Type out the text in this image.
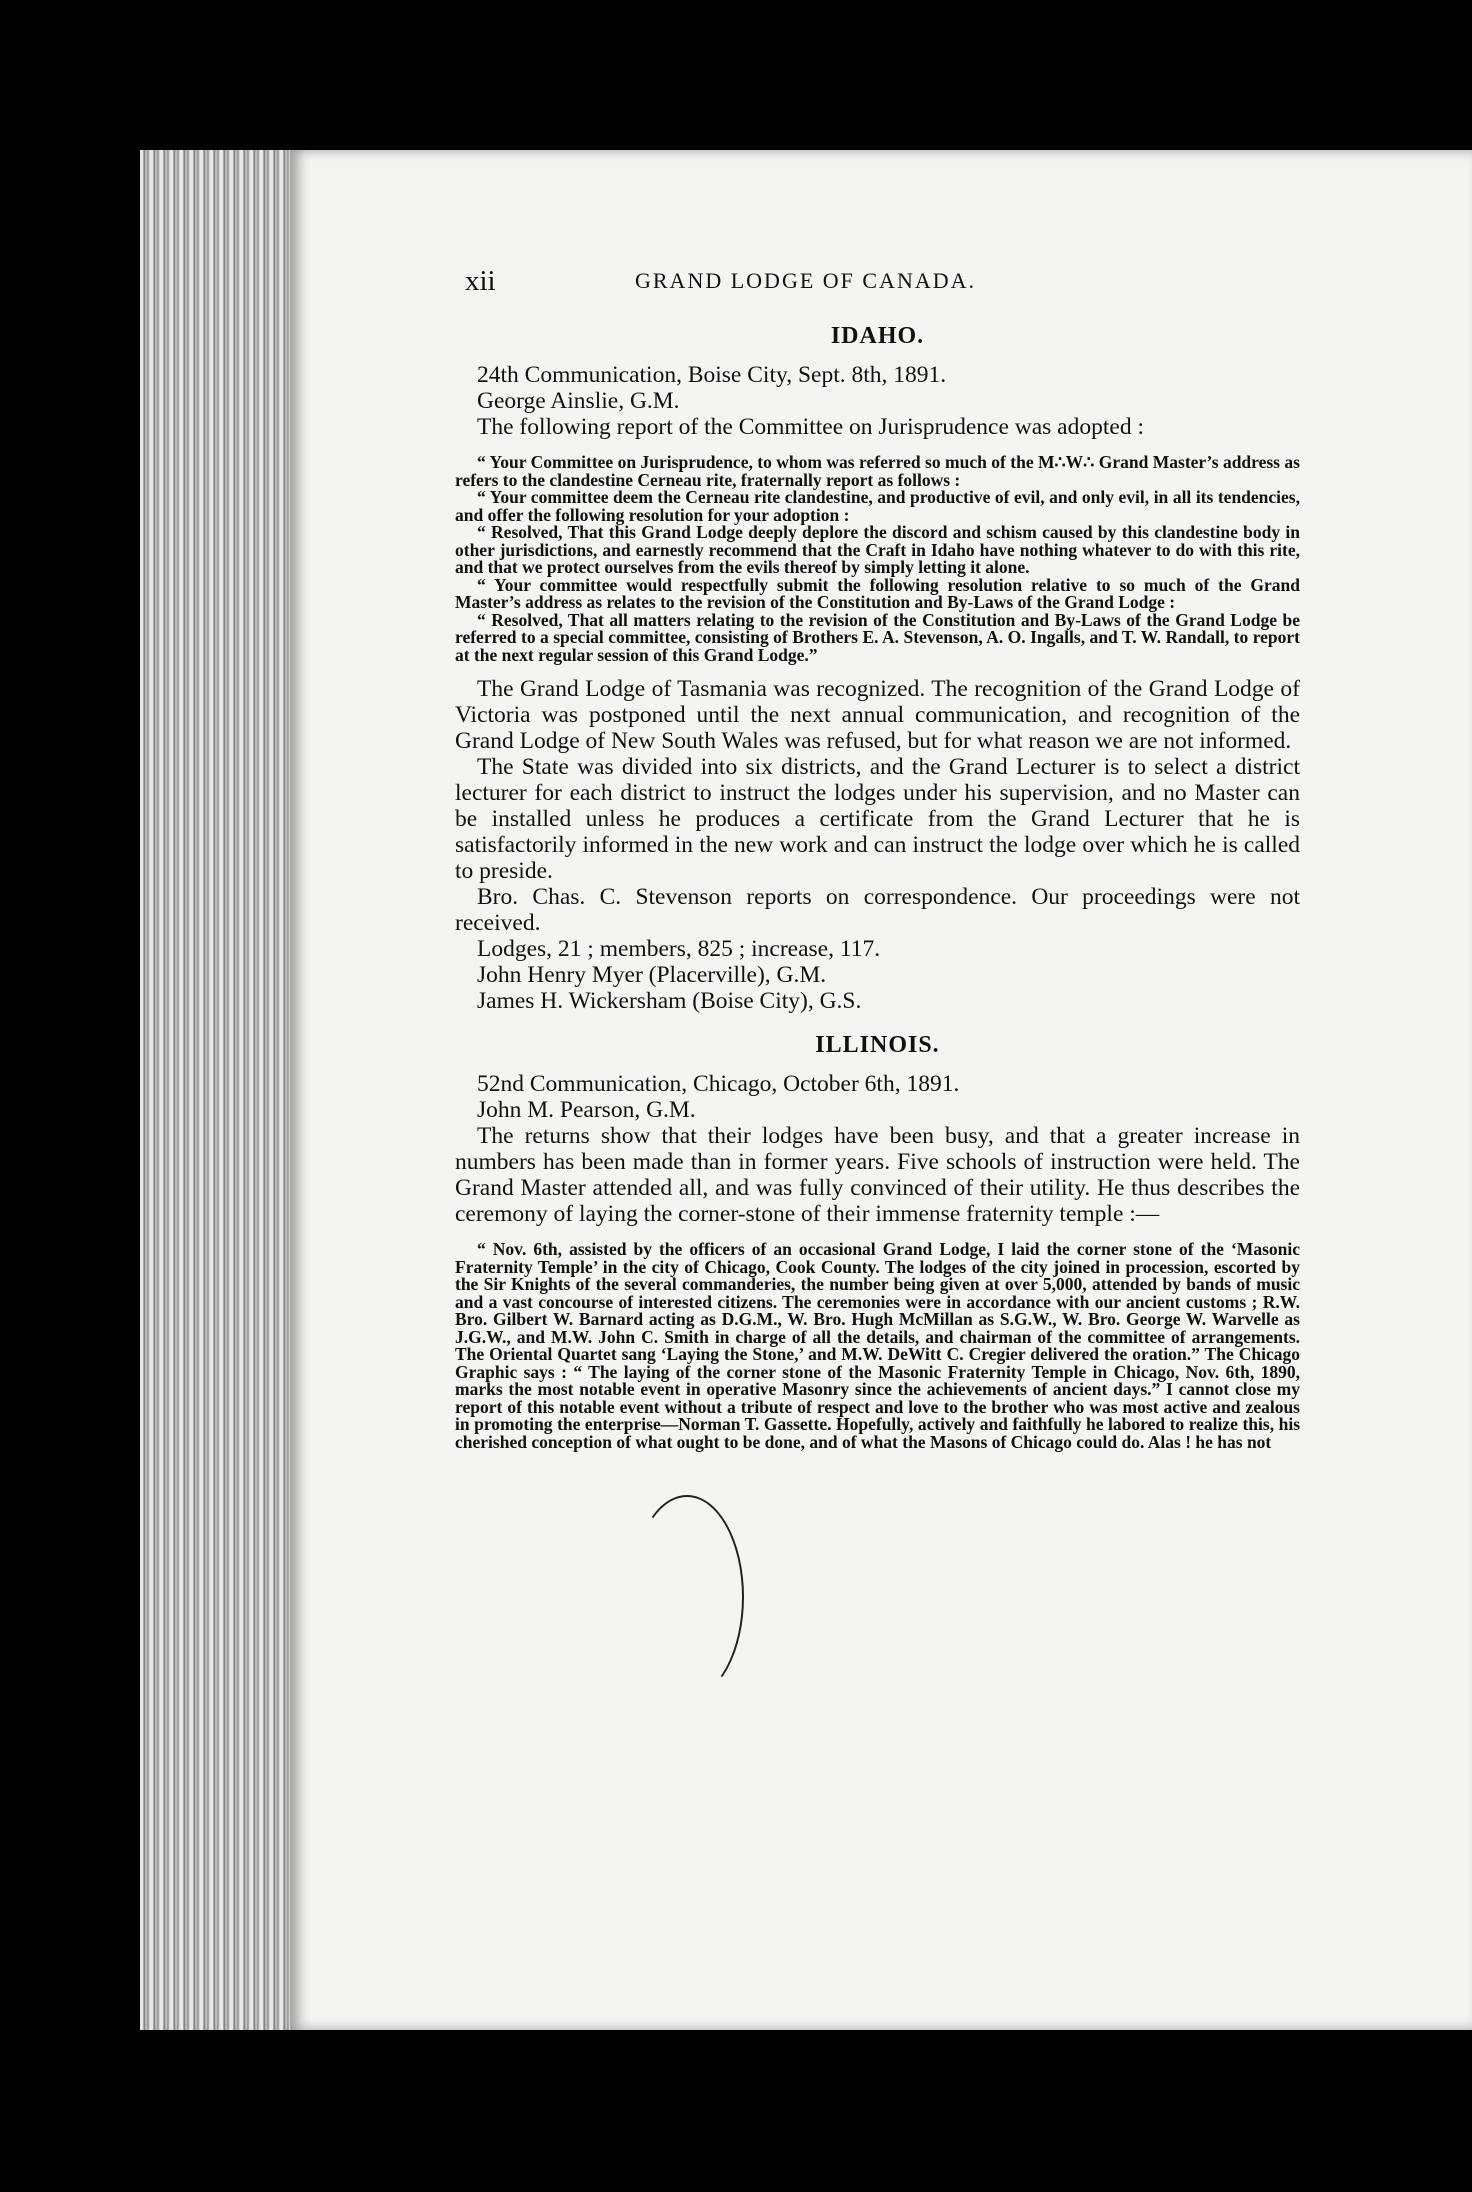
xii	GRAND LODGE OF CANADA.
IDAHO.
24th Communication, Boise City, Sept. 8th, 1891.
George Ainslie, G.M.

The following report of the Committee on Jurisprudence was adopted :

“ Your Committee on Jurisprudence, to whom was referred so much of the M∴W∴ Grand Master’s address as refers to the clandestine Cerneau rite, fraternally report as follows :

“ Your committee deem the Cerneau rite clandestine, and productive of evil, and only evil, in all its tendencies, and offer the following resolution for your adoption :

“ Resolved, That this Grand Lodge deeply deplore the discord and schism caused by this clandestine body in other jurisdictions, and earnestly recommend that the Craft in Idaho have nothing whatever to do with this rite, and that we protect ourselves from the evils thereof by simply letting it alone.

“ Your committee would respectfully submit the following resolution relative to so much of the Grand Master’s address as relates to the revision of the Constitution and By-Laws of the Grand Lodge :

“ Resolved, That all matters relating to the revision of the Constitution and By-Laws of the Grand Lodge be referred to a special committee, consisting of Brothers E. A. Stevenson, A. O. Ingalls, and T. W. Randall, to report at the next regular session of this Grand Lodge.”

The Grand Lodge of Tasmania was recognized. The recognition of the Grand Lodge of Victoria was postponed until the next annual communication, and recognition of the Grand Lodge of New South Wales was refused, but for what reason we are not informed.

The State was divided into six districts, and the Grand Lecturer is to select a district lecturer for each district to instruct the lodges under his supervision, and no Master can be installed unless he produces a certificate from the Grand Lecturer that he is satisfactorily informed in the new work and can instruct the lodge over which he is called to preside.

Bro. Chas. C. Stevenson reports on correspondence. Our proceedings were not received.

Lodges, 21 ; members, 825 ; increase, 117.
John Henry Myer (Placerville), G.M.
James H. Wickersham (Boise City), G.S.
ILLINOIS.
52nd Communication, Chicago, October 6th, 1891.
John M. Pearson, G.M.

The returns show that their lodges have been busy, and that a greater increase in numbers has been made than in former years. Five schools of instruction were held. The Grand Master attended all, and was fully convinced of their utility. He thus describes the ceremony of laying the corner-stone of their immense fraternity temple :—

“ Nov. 6th, assisted by the officers of an occasional Grand Lodge, I laid the corner stone of the ‘Masonic Fraternity Temple’ in the city of Chicago, Cook County. The lodges of the city joined in procession, escorted by the Sir Knights of the several commanderies, the number being given at over 5,000, attended by bands of music and a vast concourse of interested citizens. The ceremonies were in accordance with our ancient customs ; R.W. Bro. Gilbert W. Barnard acting as D.G.M., W. Bro. Hugh McMillan as S.G.W., W. Bro. George W. Warvelle as J.G.W., and M.W. John C. Smith in charge of all the details, and chairman of the committee of arrangements. The Oriental Quartet sang ‘Laying the Stone,’ and M.W. DeWitt C. Cregier delivered the oration.” The Chicago Graphic says : “ The laying of the corner stone of the Masonic Fraternity Temple in Chicago, Nov. 6th, 1890, marks the most notable event in operative Masonry since the achievements of ancient days.” I cannot close my report of this notable event without a tribute of respect and love to the brother who was most active and zealous in promoting the enterprise—Norman T. Gassette. Hopefully, actively and faithfully he labored to realize this, his cherished conception of what ought to be done, and of what the Masons of Chicago could do. Alas ! he has not
